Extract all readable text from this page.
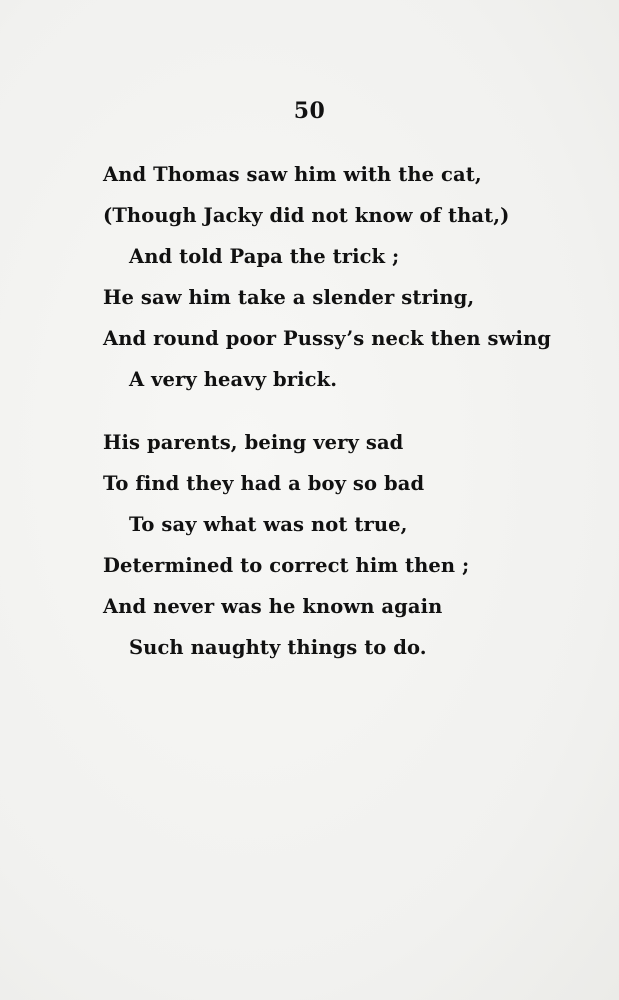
50
And Thomas saw him with the cat,
(Though Jacky did not know of that,)
And told Papa the trick ;
He saw him take a slender string,
And round poor Pussy’s neck then swing
A very heavy brick.
His parents, being very sad
To find they had a boy so bad
To say what was not true,
Determined to correct him then ;
And never was he known again
Such naughty things to do.
